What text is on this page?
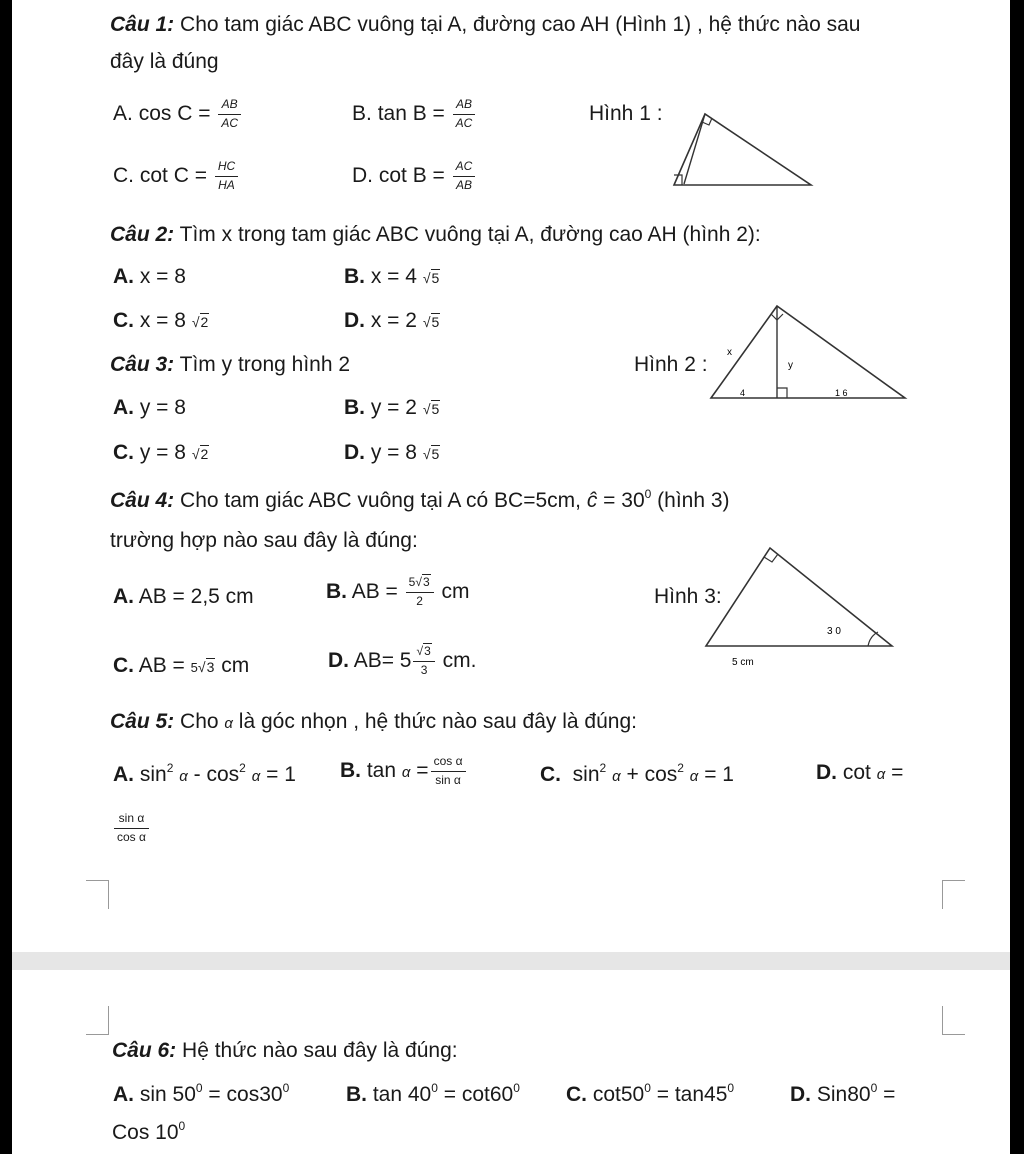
Câu 1: Cho tam giác ABC vuông tại A, đường cao AH (Hình 1) , hệ thức nào sau
đây là đúng
A. $\cos C = \frac{AB}{AC}$	B. $\tan B = \frac{AB}{AC}$	Hình 1 :
C. $\cot C = \frac{HC}{HA}$	D. $\cot B = \frac{AC}{AB}$
Câu 2: Tìm x trong tam giác ABC vuông tại A, đường cao AH (hình 2):
A. x = 8	B. x = 4 √5
C. x = 8 √2	D. x = 2 √5
Câu 3: Tìm y trong hình 2	Hình 2 :
A. y = 8	B. y = 2 √5
C. y = 8 √2	D. y = 8 √5
x
y
4	1 6
Câu 4: Cho tam giác ABC vuông tại A có BC=5cm, ĉ = $30^0$ (hình 3)
trường hợp nào sau đây là đúng:
A. AB = 2,5 cm	B. AB = $\frac{5√3}{2}$ cm	Hình 3:
C. AB = 5√3 cm	D. $AB= 5 \frac{√3}{3}$ cm.
3 0
5 cm
Câu 5: Cho α là góc nhọn , hệ thức nào sau đây là đúng:
A. $\sin^2 \alpha - \cos^2 \alpha = 1$ B. $\tan \alpha = \frac{\text{cos α}}{\text{sin α}}$	C. $\sin^2 \alpha + \cos^2 \alpha = 1$	D. cot α =
$\frac{\text{sin α}}{\text{cos α}}$
Câu 6: Hệ thức nào sau đây là đúng:
A. $\sin 50^0 = \cos 30^0$	B. $\tan 40^0 = \cot 60^0$ C. $\cot 50^0 = \tan 45^0$	D. $Sin80^0$ =
Cos $10^0$
